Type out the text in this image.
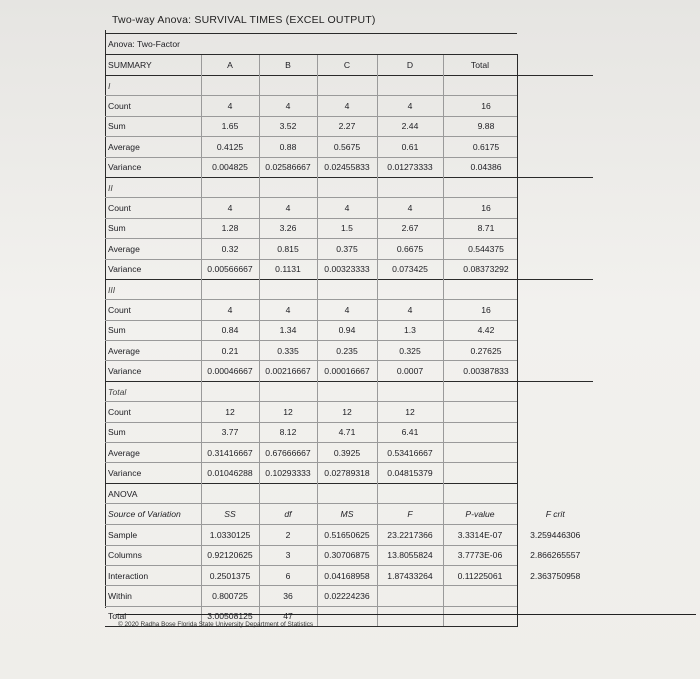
Two-way Anova: SURVIVAL TIMES (EXCEL OUTPUT)
Anova: Two-Factor						
SUMMARY	A	B	C	D	Total	
I						
Count	4	4	4	4	16	
Sum	1.65	3.52	2.27	2.44	9.88	
Average	0.4125	0.88	0.5675	0.61	0.6175	
Variance	0.004825	0.02586667	0.02455833	0.01273333	0.04386	
II						
Count	4	4	4	4	16	
Sum	1.28	3.26	1.5	2.67	8.71	
Average	0.32	0.815	0.375	0.6675	0.544375	
Variance	0.00566667	0.1131	0.00323333	0.073425	0.08373292	
III						
Count	4	4	4	4	16	
Sum	0.84	1.34	0.94	1.3	4.42	
Average	0.21	0.335	0.235	0.325	0.27625	
Variance	0.00046667	0.00216667	0.00016667	0.0007	0.00387833	
Total						
Count	12	12	12	12		
Sum	3.77	8.12	4.71	6.41		
Average	0.31416667	0.67666667	0.3925	0.53416667		
Variance	0.01046288	0.10293333	0.02789318	0.04815379		
ANOVA						
Source of Variation	SS	df	MS	F	P-value	F crit
Sample	1.0330125	2	0.51650625	23.2217366	3.3314E-07	3.259446306
Columns	0.92120625	3	0.30706875	13.8055824	3.7773E-06	2.866265557
Interaction	0.2501375	6	0.04168958	1.87433264	0.11225061	2.363750958
Within	0.800725	36	0.02224236			
Total	3.00508125	47				
© 2020 Radha Bose Florida State University Department of Statistics
